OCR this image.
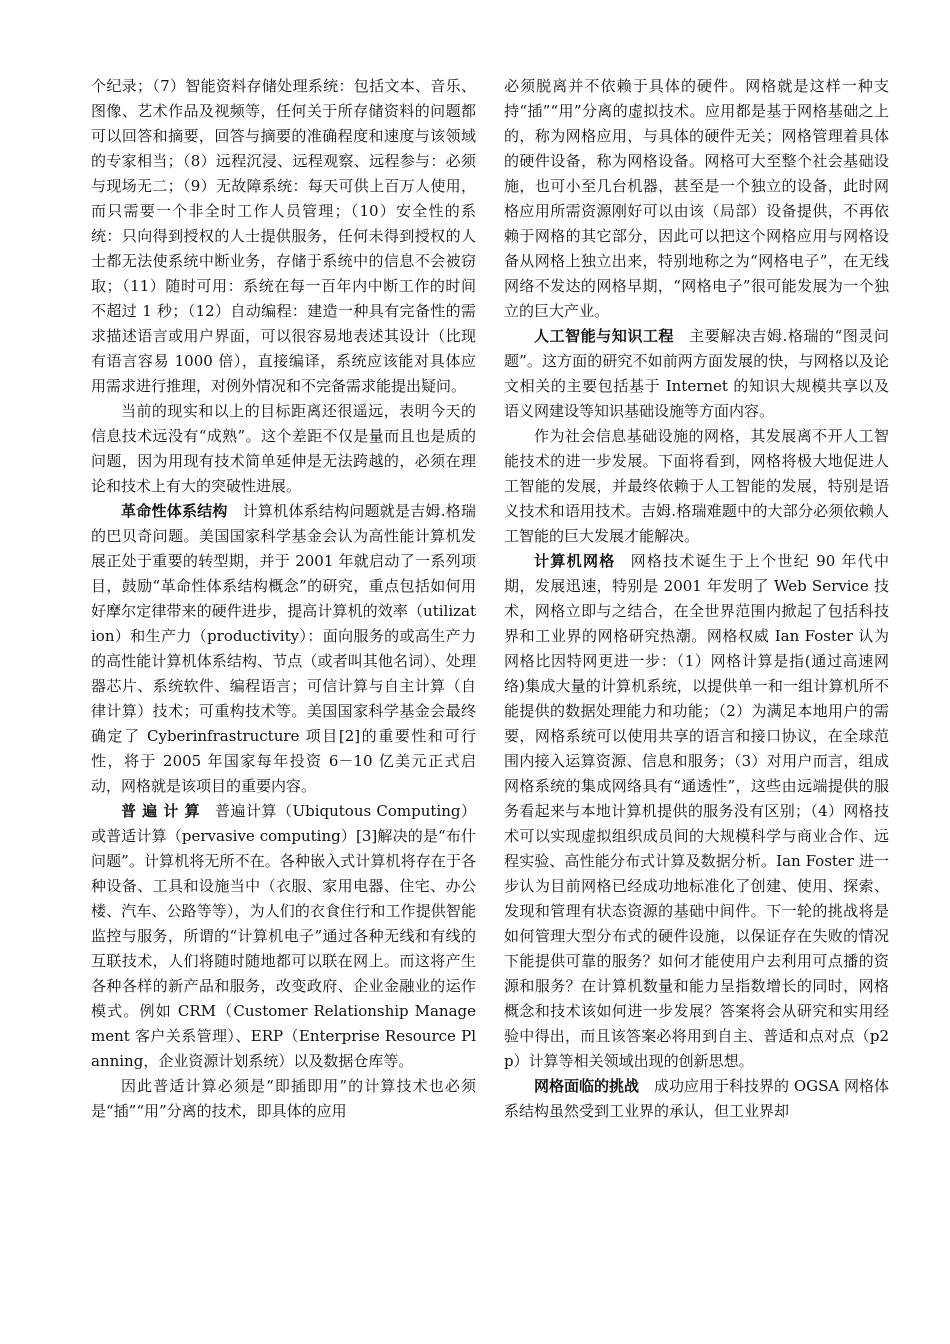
个纪录；（7）智能资料存储处理系统：包括文本、音乐、图像、艺术作品及视频等，任何关于所存储资料的问题都可以回答和摘要，回答与摘要的准确程度和速度与该领域的专家相当；（8）远程沉浸、远程观察、远程参与：必须与现场无二；（9）无故障系统：每天可供上百万人使用，而只需要一个非全时工作人员管理；（10）安全性的系统：只向得到授权的人士提供服务，任何未得到授权的人士都无法使系统中断业务，存储于系统中的信息不会被窃取；（11）随时可用：系统在每一百年内中断工作的时间不超过 1 秒；（12）自动编程：建造一种具有完备性的需求描述语言或用户界面，可以很容易地表述其设计（比现有语言容易 1000 倍），直接编译，系统应该能对具体应用需求进行推理，对例外情况和不完备需求能提出疑问。

当前的现实和以上的目标距离还很遥远，表明今天的信息技术远没有“成熟”。这个差距不仅是量而且也是质的问题，因为用现有技术简单延伸是无法跨越的，必须在理论和技术上有大的突破性进展。

革命性体系结构 计算机体系结构问题就是吉姆.格瑞的巴贝奇问题。美国国家科学基金会认为高性能计算机发展正处于重要的转型期，并于 2001 年就启动了一系列项目，鼓励“革命性体系结构概念”的研究，重点包括如何用好摩尔定律带来的硬件进步，提高计算机的效率（utilization）和生产力（productivity）：面向服务的或高生产力的高性能计算机体系结构、节点（或者叫其他名词）、处理器芯片、系统软件、编程语言；可信计算与自主计算（自律计算）技术；可重构技术等。美国国家科学基金会最终确定了 Cyberinfrastructure 项目[2]的重要性和可行性，将于 2005 年国家每年投资 6－10 亿美元正式启动，网格就是该项目的重要内容。

普 遍 计 算 普遍计算（Ubiqutous Computing）或普适计算（pervasive computing）[3]解决的是“布什问题”。计算机将无所不在。各种嵌入式计算机将存在于各种设备、工具和设施当中（衣服、家用电器、住宅、办公楼、汽车、公路等等），为人们的衣食住行和工作提供智能监控与服务，所谓的“计算机电子”通过各种无线和有线的互联技术，人们将随时随地都可以联在网上。而这将产生各种各样的新产品和服务，改变政府、企业金融业的运作模式。例如 CRM（Customer Relationship Management 客户关系管理）、ERP（Enterprise Resource Planning，企业资源计划系统）以及数据仓库等。

因此普适计算必须是“即插即用”的计算技术也必须是“插”“用”分离的技术，即具体的应用

必须脱离并不依赖于具体的硬件。网格就是这样一种支持“插”“用”分离的虚拟技术。应用都是基于网格基础之上的，称为网格应用，与具体的硬件无关；网格管理着具体的硬件设备，称为网格设备。网格可大至整个社会基础设施，也可小至几台机器，甚至是一个独立的设备，此时网格应用所需资源刚好可以由该（局部）设备提供，不再依赖于网格的其它部分，因此可以把这个网格应用与网格设备从网格上独立出来，特别地称之为“网格电子”，在无线网络不发达的网格早期，“网格电子”很可能发展为一个独立的巨大产业。

人工智能与知识工程 主要解决吉姆.格瑞的“图灵问题”。这方面的研究不如前两方面发展的快，与网格以及论文相关的主要包括基于 Internet 的知识大规模共享以及语义网建设等知识基础设施等方面内容。

作为社会信息基础设施的网格，其发展离不开人工智能技术的进一步发展。下面将看到，网格将极大地促进人工智能的发展，并最终依赖于人工智能的发展，特别是语义技术和语用技术。吉姆.格瑞难题中的大部分必须依赖人工智能的巨大发展才能解决。

计算机网格 网格技术诞生于上个世纪 90 年代中期，发展迅速，特别是 2001 年发明了 Web Service 技术，网格立即与之结合，在全世界范围内掀起了包括科技界和工业界的网格研究热潮。网格权威 Ian Foster 认为网格比因特网更进一步：（1）网格计算是指(通过高速网络)集成大量的计算机系统，以提供单一和一组计算机所不能提供的数据处理能力和功能；（2）为满足本地用户的需要，网格系统可以使用共享的语言和接口协议，在全球范围内接入运算资源、信息和服务；（3）对用户而言，组成网格系统的集成网络具有“通透性”，这些由远端提供的服务看起来与本地计算机提供的服务没有区别；（4）网格技术可以实现虚拟组织成员间的大规模科学与商业合作、远程实验、高性能分布式计算及数据分析。Ian Foster 进一步认为目前网格已经成功地标准化了创建、使用、探索、发现和管理有状态资源的基础中间件。下一轮的挑战将是如何管理大型分布式的硬件设施，以保证存在失败的情况下能提供可靠的服务？如何才能使用户去利用可点播的资源和服务？在计算机数量和能力呈指数增长的同时，网格概念和技术该如何进一步发展？答案将会从研究和实用经验中得出，而且该答案必将用到自主、普适和点对点（p2p）计算等相关领域出现的创新思想。

网格面临的挑战 成功应用于科技界的 OGSA 网格体系结构虽然受到工业界的承认，但工业界却
